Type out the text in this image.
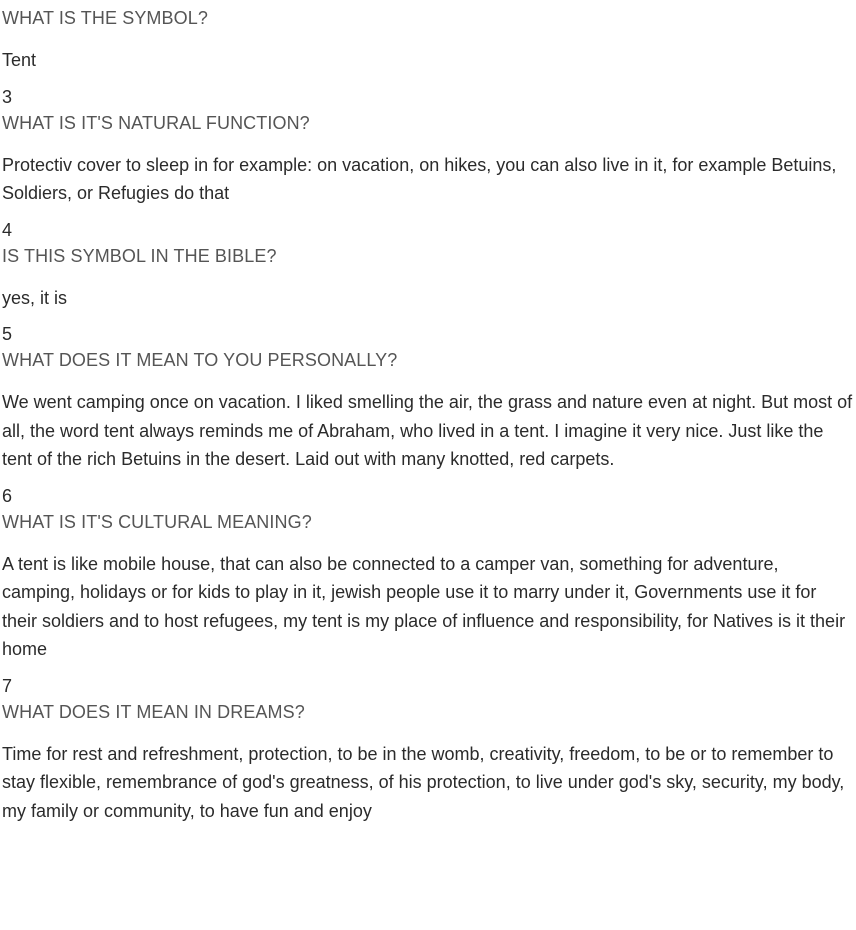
WHAT IS THE SYMBOL?
Tent
3
WHAT IS IT'S NATURAL FUNCTION?
Protectiv cover to sleep in for example: on vacation, on hikes, you can also live in it, for example Betuins, Soldiers, or Refugies do that
4
IS THIS SYMBOL IN THE BIBLE?
yes, it is
5
WHAT DOES IT MEAN TO YOU PERSONALLY?
We went camping once on vacation. I liked smelling the air, the grass and nature even at night. But most of all, the word tent always reminds me of Abraham, who lived in a tent. I imagine it very nice. Just like the tent of the rich Betuins in the desert. Laid out with many knotted, red carpets.
6
WHAT IS IT'S CULTURAL MEANING?
A tent is like mobile house, that can also be connected to a camper van, something for adventure, camping, holidays or for kids to play in it, jewish people use it to marry under it, Governments use it for their soldiers and to host refugees, my tent is my place of influence and responsibility, for Natives is it their home
7
WHAT DOES IT MEAN IN DREAMS?
Time for rest and refreshment, protection, to be in the womb, creativity, freedom, to be or to remember to stay flexible, remembrance of god's greatness, of his protection, to live under god's sky, security, my body, my family or community, to have fun and enjoy
